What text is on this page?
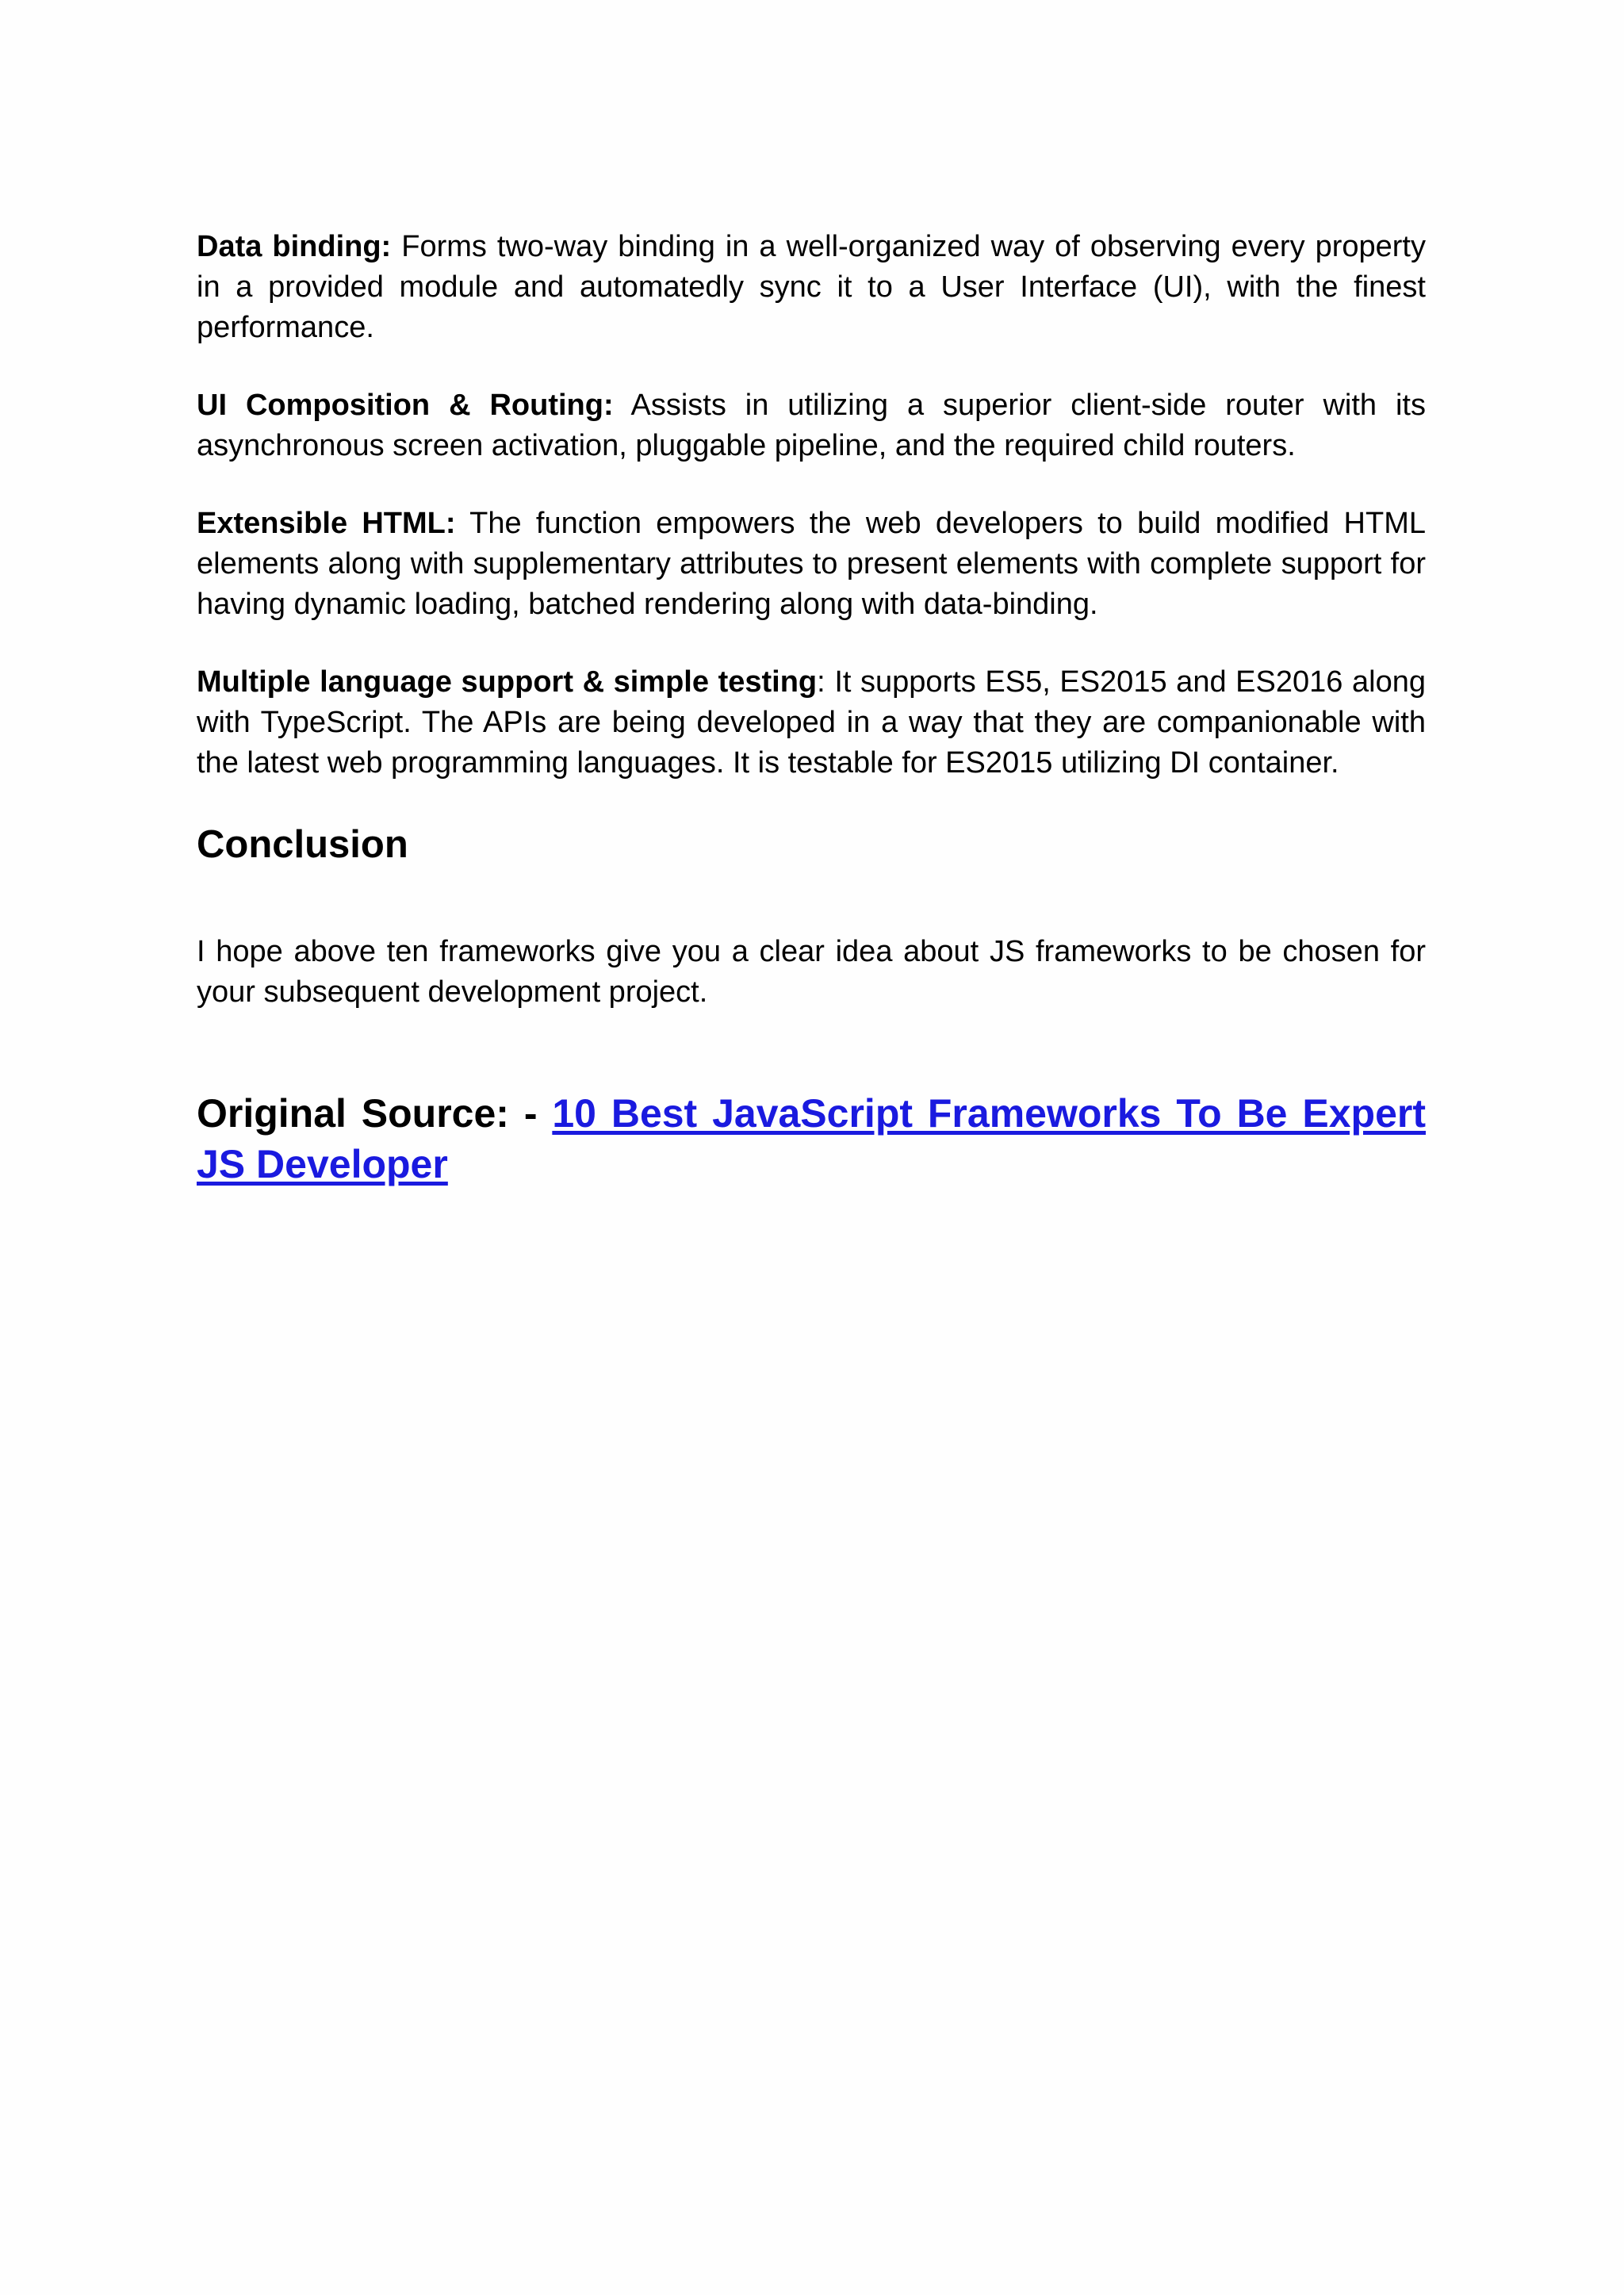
Data binding: Forms two-way binding in a well-organized way of observing every property in a provided module and automatedly sync it to a User Interface (UI), with the finest performance.

UI Composition & Routing: Assists in utilizing a superior client-side router with its asynchronous screen activation, pluggable pipeline, and the required child routers.

Extensible HTML: The function empowers the web developers to build modified HTML elements along with supplementary attributes to present elements with complete support for having dynamic loading, batched rendering along with data-binding.

Multiple language support & simple testing: It supports ES5, ES2015 and ES2016 along with TypeScript. The APIs are being developed in a way that they are companionable with the latest web programming languages. It is testable for ES2015 utilizing DI container.

Conclusion

I hope above ten frameworks give you a clear idea about JS frameworks to be chosen for your subsequent development project.

Original Source: - 10 Best JavaScript Frameworks To Be Expert JS Developer
